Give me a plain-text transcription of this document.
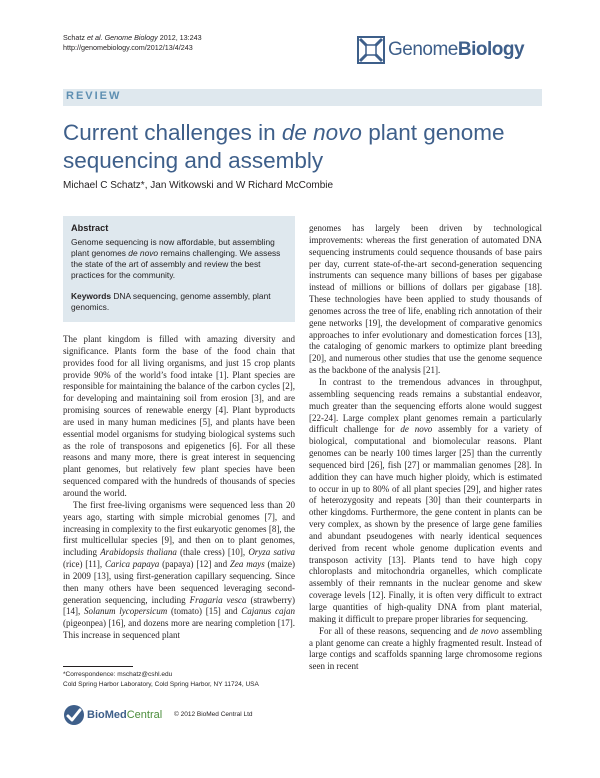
Schatz et al. Genome Biology 2012, 13:243
http://genomebiology.com/2012/13/4/243	GenomeBiology
REVIEW
Current challenges in de novo plant genome sequencing and assembly
Michael C Schatz*, Jan Witkowski and W Richard McCombie
Abstract
Genome sequencing is now affordable, but assembling plant genomes de novo remains challenging. We assess the state of the art of assembly and review the best practices for the community.
Keywords DNA sequencing, genome assembly, plant genomics.

The plant kingdom is filled with amazing diversity and significance. Plants form the base of the food chain that provides food for all living organisms, and just 15 crop plants provide 90% of the world’s food intake [1]. Plant species are responsible for maintaining the balance of the carbon cycles [2], for developing and maintaining soil from erosion [3], and are promising sources of renewable energy [4]. Plant byproducts are used in many human medicines [5], and plants have been essential model organisms for studying biological systems such as the role of transposons and epigenetics [6]. For all these reasons and many more, there is great interest in sequencing plant genomes, but relatively few plant species have been sequenced compared with the hundreds of thousands of species around the world.

The first free-living organisms were sequenced less than 20 years ago, starting with simple microbial genomes [7], and increasing in complexity to the first eukaryotic genomes [8], the first multicellular species [9], and then on to plant genomes, including Arabidopsis thaliana (thale cress) [10], Oryza sativa (rice) [11], Carica papaya (papaya) [12] and Zea mays (maize) in 2009 [13], using first-generation capillary sequencing. Since then many others have been sequenced leveraging second-generation sequencing, including Fragaria vesca (strawberry) [14], Solanum lycopersicum (tomato) [15] and Cajanus cajan (pigeonpea) [16], and dozens more are nearing completion [17]. This increase in sequenced plant

genomes has largely been driven by technological improvements: whereas the first generation of automated DNA sequencing instruments could sequence thousands of base pairs per day, current state-of-the-art second-generation sequencing instruments can sequence many billions of bases per gigabase instead of millions or billions of dollars per gigabase [18]. These technologies have been applied to study thousands of genomes across the tree of life, enabling rich annotation of their gene networks [19], the development of comparative genomics approaches to infer evolutionary and domestication forces [13], the cataloging of genomic markers to optimize plant breeding [20], and numerous other studies that use the genome sequence as the backbone of the analysis [21].

In contrast to the tremendous advances in throughput, assembling sequencing reads remains a substantial endeavor, much greater than the sequencing efforts alone would suggest [22-24]. Large complex plant genomes remain a particularly difficult challenge for de novo assembly for a variety of biological, computational and biomolecular reasons. Plant genomes can be nearly 100 times larger [25] than the currently sequenced bird [26], fish [27] or mammalian genomes [28]. In addition they can have much higher ploidy, which is estimated to occur in up to 80% of all plant species [29], and higher rates of heterozygosity and repeats [30] than their counterparts in other kingdoms. Furthermore, the gene content in plants can be very complex, as shown by the presence of large gene families and abundant pseudogenes with nearly identical sequences derived from recent whole genome duplication events and transposon activity [13]. Plants tend to have high copy chloroplasts and mitochondria organelles, which complicate assembly of their remnants in the nuclear genome and skew coverage levels [12]. Finally, it is often very difficult to extract large quantities of high-quality DNA from plant material, making it difficult to prepare proper libraries for sequencing.

For all of these reasons, sequencing and de novo assembling a plant genome can create a highly fragmented result. Instead of large contigs and scaffolds spanning large chromosome regions seen in recent

*Correspondence: mschatz@cshl.edu
Cold Spring Harbor Laboratory, Cold Spring Harbor, NY 11724, USA
BioMedCentral © 2012 BioMed Central Ltd
